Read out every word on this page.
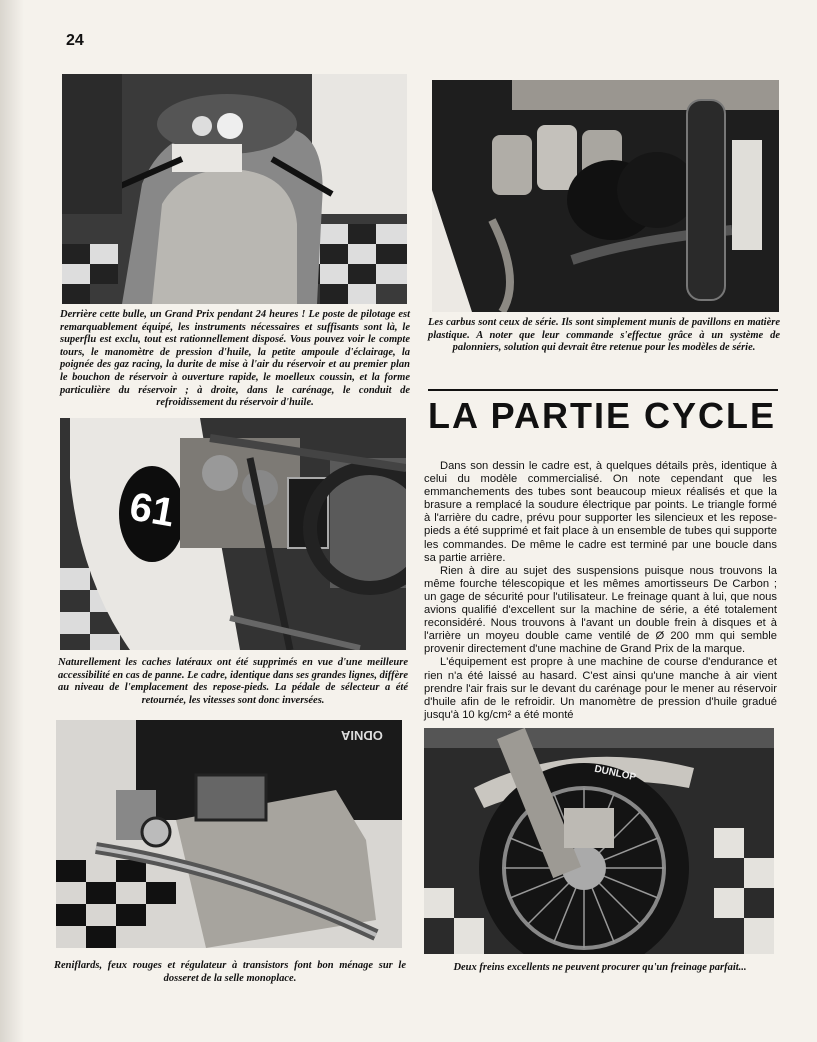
24
Derrière cette bulle, un Grand Prix pendant 24 heures ! Le poste de pilotage est remarquablement équipé, les instruments nécessaires et suffisants sont là, le superflu est exclu, tout est rationnellement disposé. Vous pouvez voir le compte tours, le manomètre de pression d'huile, la petite ampoule d'éclairage, la poignée des gaz racing, la durite de mise à l'air du réservoir et au premier plan le bouchon de réservoir à ouverture rapide, le moelleux coussin, et la forme particulière du réservoir ; à droite, dans le carénage, le conduit de refroidissement du réservoir d'huile.
Les carbus sont ceux de série. Ils sont simplement munis de pavillons en matière plastique. A noter que leur commande s'effectue grâce à un système de palonniers, solution qui devrait être retenue pour les modèles de série.
61
Naturellement les caches latéraux ont été supprimés en vue d'une meilleure accessibilité en cas de panne. Le cadre, identique dans ses grandes lignes, diffère au niveau de l'emplacement des repose-pieds. La pédale de sélecteur a été retournée, les vitesses sont donc inversées.
ODNIA
Reniflards, feux rouges et régulateur à transistors font bon ménage sur le dosseret de la selle monoplace.
LA PARTIE CYCLE

Dans son dessin le cadre est, à quelques détails près, identique à celui du modèle commercialisé. On note cependant que les emmanchements des tubes sont beaucoup mieux réalisés et que la brasure a remplacé la soudure électrique par points. Le triangle formé à l'arrière du cadre, prévu pour supporter les silencieux et les repose-pieds a été supprimé et fait place à un ensemble de tubes qui supporte les commandes. De même le cadre est terminé par une boucle dans sa partie arrière.

Rien à dire au sujet des suspensions puisque nous trouvons la même fourche télescopique et les mêmes amortisseurs De Carbon ; un gage de sécurité pour l'utilisateur. Le freinage quant à lui, que nous avions qualifié d'excellent sur la machine de série, a été totalement reconsidéré. Nous trouvons à l'avant un double frein à disques et à l'arrière un moyeu double came ventilé de Ø 200 mm qui semble provenir directement d'une machine de Grand Prix de la marque.

L'équipement est propre à une machine de course d'endurance et rien n'a été laissé au hasard. C'est ainsi qu'une manche à air vient prendre l'air frais sur le devant du carénage pour le mener au réservoir d'huile afin de le refroidir. Un manomètre de pression d'huile gradué jusqu'à 10 kg/cm² a été monté

DUNLOP
Deux freins excellents ne peuvent procurer qu'un freinage parfait...
